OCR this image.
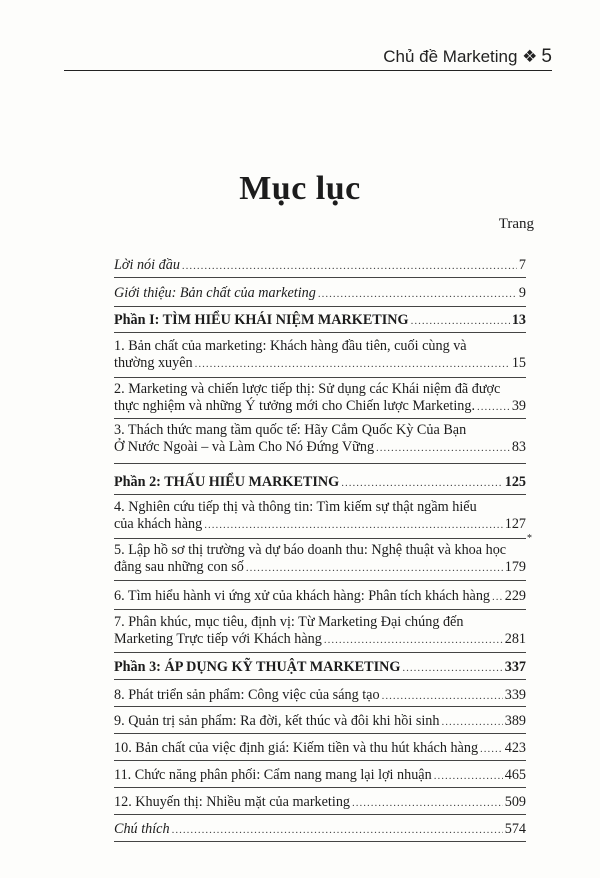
Chủ đề Marketing ❖ 5
Mục lục
Trang
Lời nói đầu .....	7
Giới thiệu: Bản chất của marketing .....	9
Phần I: TÌM HIỂU KHÁI NIỆM MARKETING .....	13
1. Bản chất của marketing: Khách hàng đầu tiên, cuối cùng và
thường xuyên .....	15
2. Marketing và chiến lược tiếp thị: Sử dụng các Khái niệm đã được
thực nghiệm và những Ý tưởng mới cho Chiến lược Marketing. .....	39
3. Thách thức mang tầm quốc tế: Hãy Cắm Quốc Kỳ Của Bạn
Ở Nước Ngoài – và Làm Cho Nó Đứng Vững .....	83
Phần 2: THẤU HIỂU MARKETING .....	125
4. Nghiên cứu tiếp thị và thông tin: Tìm kiếm sự thật ngầm hiểu
của khách hàng .....	127
*
5. Lập hồ sơ thị trường và dự báo doanh thu: Nghệ thuật và khoa học
đằng sau những con số .....	179
6. Tìm hiểu hành vi ứng xử của khách hàng: Phân tích khách hàng ..... 229
7. Phân khúc, mục tiêu, định vị: Từ Marketing Đại chúng đến
Marketing Trực tiếp với Khách hàng .....	281
Phần 3: ÁP DỤNG KỸ THUẬT MARKETING .....	337
8. Phát triển sản phẩm: Công việc của sáng tạo .....	339
9. Quản trị sản phẩm: Ra đời, kết thúc và đôi khi hồi sinh .....	389
10. Bản chất của việc định giá: Kiếm tiền và thu hút khách hàng ..... 423
11. Chức năng phân phối: Cẩm nang mang lại lợi nhuận .....	465
12. Khuyến thị: Nhiều mặt của marketing .....	509
Chú thích .....	574
